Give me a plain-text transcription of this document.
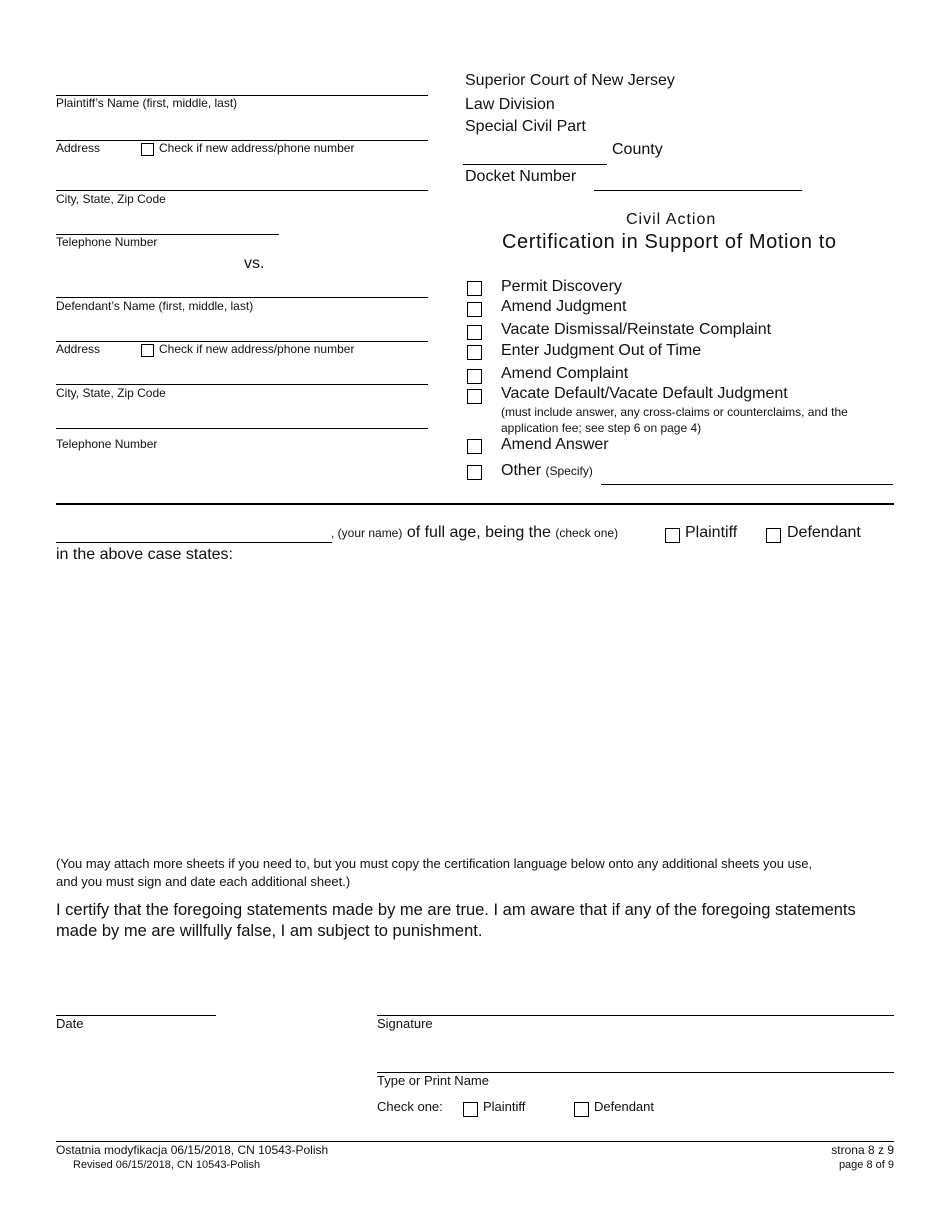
Plaintiff’s Name (first, middle, last)
Address	Check if new address/phone number
City, State, Zip Code
Telephone Number
vs.
Defendant’s Name (first, middle, last)
Address	Check if new address/phone number
City, State, Zip Code
Telephone Number
Superior Court of New Jersey
Law Division
Special Civil Part
County
Docket Number
Civil Action
Certification in Support of Motion to
Permit Discovery
Amend Judgment
Vacate Dismissal/Reinstate Complaint
Enter Judgment Out of Time
Amend Complaint
Vacate Default/Vacate Default Judgment
(must include answer, any cross-claims or counterclaims, and the
application fee; see step 6 on page 4)
Amend Answer
Other (Specify)
, (your name) of full age, being the (check one)	Plaintiff	Defendant
in the above case states:
(You may attach more sheets if you need to, but you must copy the certification language below onto any additional sheets you use,
and you must sign and date each additional sheet.)
I certify that the foregoing statements made by me are true. I am aware that if any of the foregoing statements
made by me are willfully false, I am subject to punishment.
Date	Signature
Type or Print Name
Check one:	Plaintiff	Defendant
Ostatnia modyfikacja 06/15/2018, CN 10543-Polish
Revised 06/15/2018, CN 10543-Polish
strona 8 z 9
page 8 of 9
